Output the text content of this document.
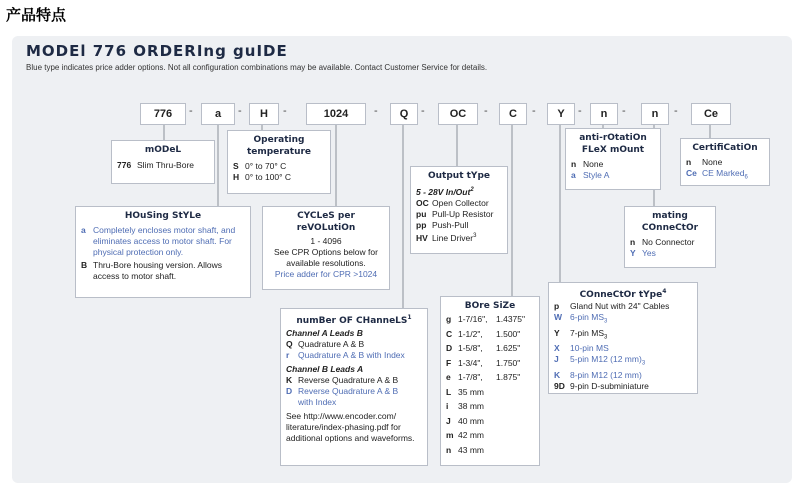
产品特点
MODEl 776 ORDERIng guIDE
Blue type indicates price adder options. Not all configuration combinations may be available. Contact Customer Service for details.
776	-	a	-	H	-	1024	-	Q	-	OC	-	C	-	Y	-	n	-	n	-	Ce
mODeL
776 Slim Thru-Bore
Operating temperature
S 0° to 70° C
H 0° to 100° C
HOuSing StYLe
a Completely encloses motor shaft, and eliminates access to motor shaft. For physical protection only.
B Thru-Bore housing version. Allows access to motor shaft.
CYCLeS per reVOLutiOn
1 - 4096
See CPR Options below for available resolutions.
Price adder for CPR >1024
Output tYpe
5 - 28V In/Out$^2$
OC Open Collector
pu Pull-Up Resistor
pp Push-Pull
HV Line Driver$^3$
numBer OF CHanneLS$^1$
Channel A Leads B
Q Quadrature A & B
r Quadrature A & B with Index
Channel B Leads A
K Reverse Quadrature A & B
D Reverse Quadrature A & B with Index
See http://www.encoder.com/ literature/index-phasing.pdf for additional options and waveforms.
BOre SiZe
g 1-7/16", 1.4375"
C 1-1/2", 1.500"
D 1-5/8", 1.625"
F 1-3/4", 1.750"
e 1-7/8", 1.875"
L 35 mm
i 38 mm
J 40 mm
m 42 mm
n 43 mm
COnneCtOr tYpe$^4$
p Gland Nut with 24" Cables
W 6-pin $MS_3$
Y 7-pin $MS_3$
X 10-pin MS
J 5-pin M12 (12 $mm)_3$
K 8-pin M12 (12 mm)
9D 9-pin D-subminiature
anti-rOtatiOn FLeX mOunt
n None
a Style A
mating COnneCtOr
n No Connector
Y Yes
CertifiCatiOn
n None
Ce CE Marked$_6$
